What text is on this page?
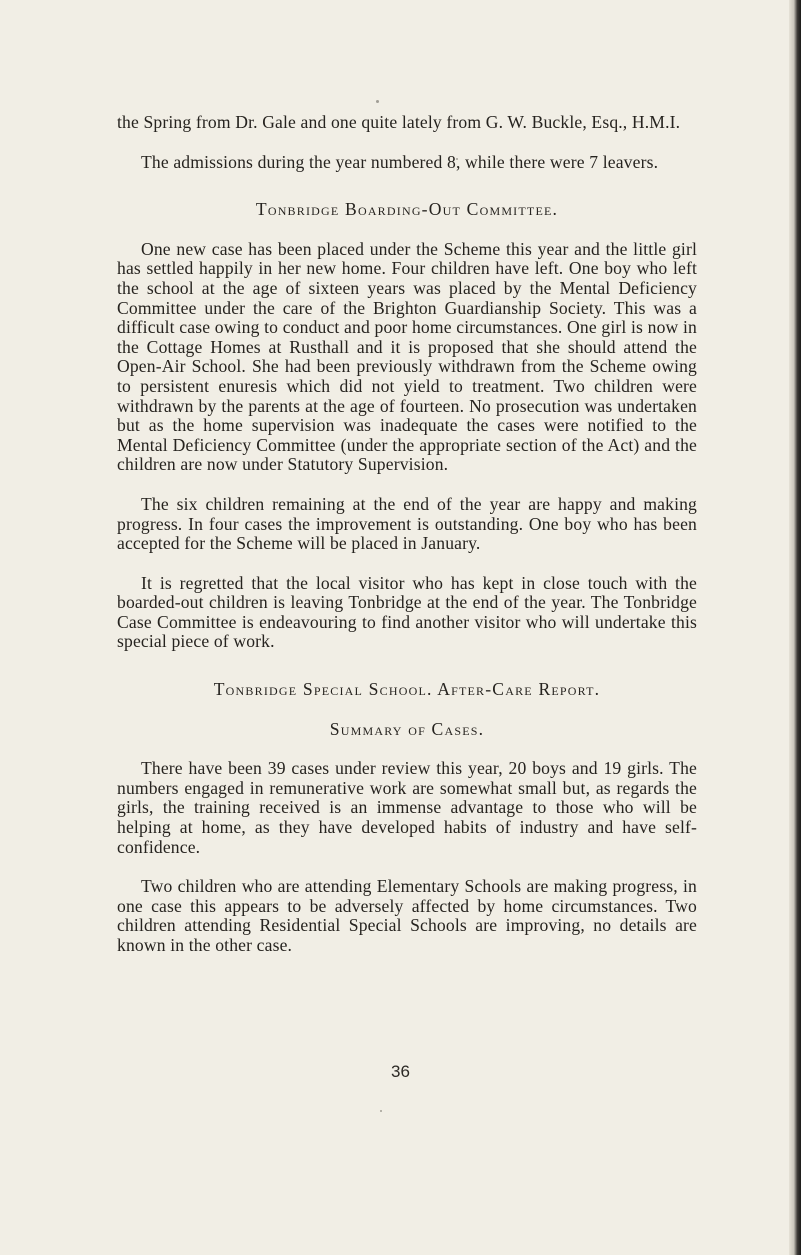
the Spring from Dr. Gale and one quite lately from G. W. Buckle, Esq., H.M.I.

The admissions during the year numbered 8, while there were 7 leavers.

Tonbridge Boarding-Out Committee.

One new case has been placed under the Scheme this year and the little girl has settled happily in her new home. Four children have left. One boy who left the school at the age of sixteen years was placed by the Mental Deficiency Committee under the care of the Brighton Guardianship Society. This was a difficult case owing to conduct and poor home circumstances. One girl is now in the Cottage Homes at Rusthall and it is proposed that she should attend the Open-Air School. She had been previously withdrawn from the Scheme owing to persistent enuresis which did not yield to treatment. Two children were withdrawn by the parents at the age of fourteen. No prosecution was undertaken but as the home supervision was inadequate the cases were notified to the Mental Deficiency Committee (under the appropriate section of the Act) and the children are now under Statutory Supervision.

The six children remaining at the end of the year are happy and making progress. In four cases the improvement is outstanding. One boy who has been accepted for the Scheme will be placed in January.

It is regretted that the local visitor who has kept in close touch with the boarded-out children is leaving Tonbridge at the end of the year. The Tonbridge Case Committee is endeavouring to find another visitor who will undertake this special piece of work.

Tonbridge Special School. After-Care Report.
Summary of Cases.

There have been 39 cases under review this year, 20 boys and 19 girls. The numbers engaged in remunerative work are somewhat small but, as regards the girls, the training received is an immense advantage to those who will be helping at home, as they have developed habits of industry and have self-confidence.

Two children who are attending Elementary Schools are making progress, in one case this appears to be adversely affected by home circumstances. Two children attending Residential Special Schools are improving, no details are known in the other case.

36
